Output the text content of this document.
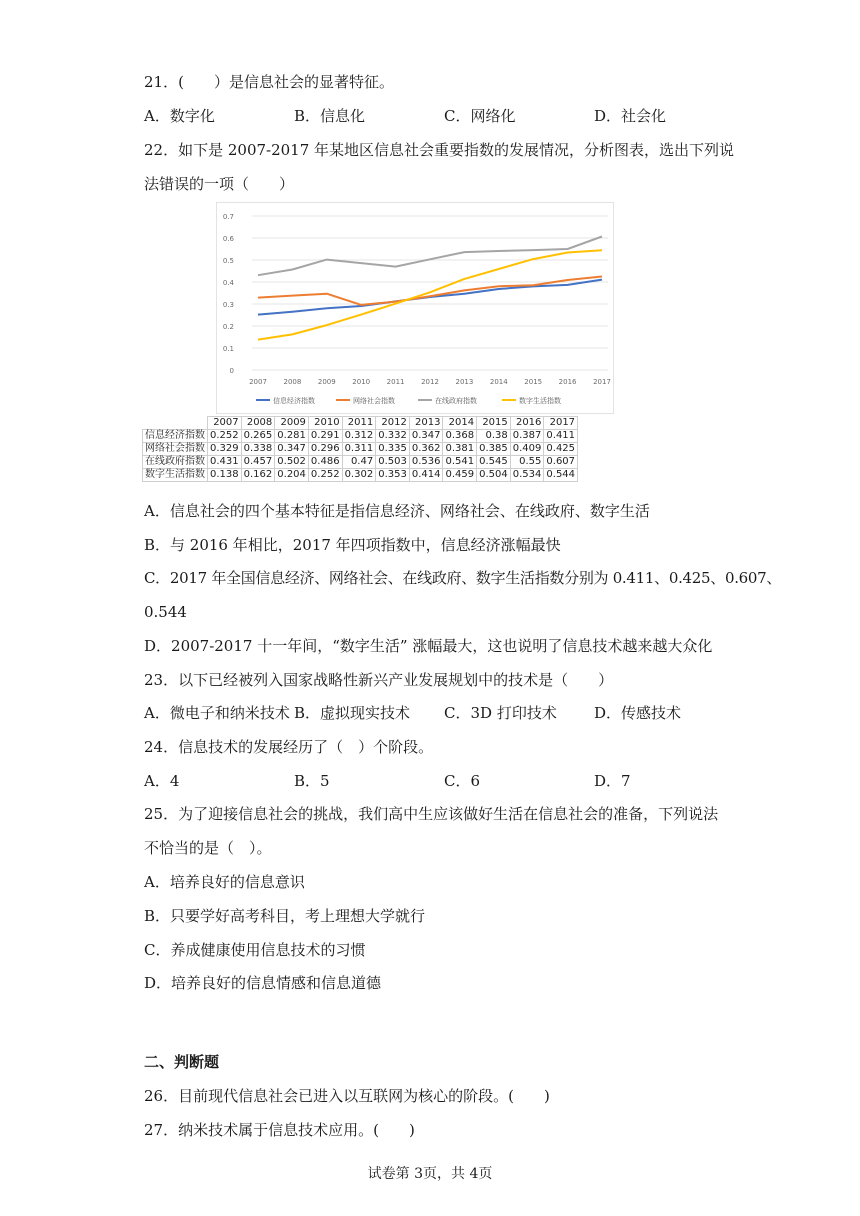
21．(　　）是信息社会的显著特征。
A．数字化	B．信息化	C．网络化	D．社会化
22．如下是 2007-2017 年某地区信息社会重要指数的发展情况，分析图表，选出下列说
法错误的一项（　　）
0
0.1
0.2
0.3
0.4
0.5
0.6
0.7
2007 2008 2009 2010 2011 2012 2013 2014 2015 2016 2017
信息经济指数	网络社会指数	在线政府指数	数字生活指数
	2007	2008	2009	2010	2011	2012	2013	2014	2015	2016	2017
信息经济指数	0.252	0.265	0.281	0.291	0.312	0.332	0.347	0.368	0.38	0.387	0.411
网络社会指数	0.329	0.338	0.347	0.296	0.311	0.335	0.362	0.381	0.385	0.409	0.425
在线政府指数	0.431	0.457	0.502	0.486	0.47	0.503	0.536	0.541	0.545	0.55	0.607
数字生活指数	0.138	0.162	0.204	0.252	0.302	0.353	0.414	0.459	0.504	0.534	0.544
A．信息社会的四个基本特征是指信息经济、网络社会、在线政府、数字生活
B．与 2016 年相比，2017 年四项指数中，信息经济涨幅最快
C．2017 年全国信息经济、网络社会、在线政府、数字生活指数分别为 0.411、0.425、0.607、
0.544
D．2007-2017 十一年间，“数字生活” 涨幅最大，这也说明了信息技术越来越大众化
23．以下已经被列入国家战略性新兴产业发展规划中的技术是（　　）
A．微电子和纳米技术 B．虚拟现实技术 C．3D 打印技术 D．传感技术
24．信息技术的发展经历了（　）个阶段。
A．4	B．5	C．6	D．7
25．为了迎接信息社会的挑战，我们高中生应该做好生活在信息社会的准备，下列说法
不恰当的是（　）。
A．培养良好的信息意识
B．只要学好高考科目，考上理想大学就行
C．养成健康使用信息技术的习惯
D．培养良好的信息情感和信息道德
二、判断题
26．目前现代信息社会已进入以互联网为核心的阶段。(　　)
27．纳米技术属于信息技术应用。(　　)
试卷第 3页，共 4页
